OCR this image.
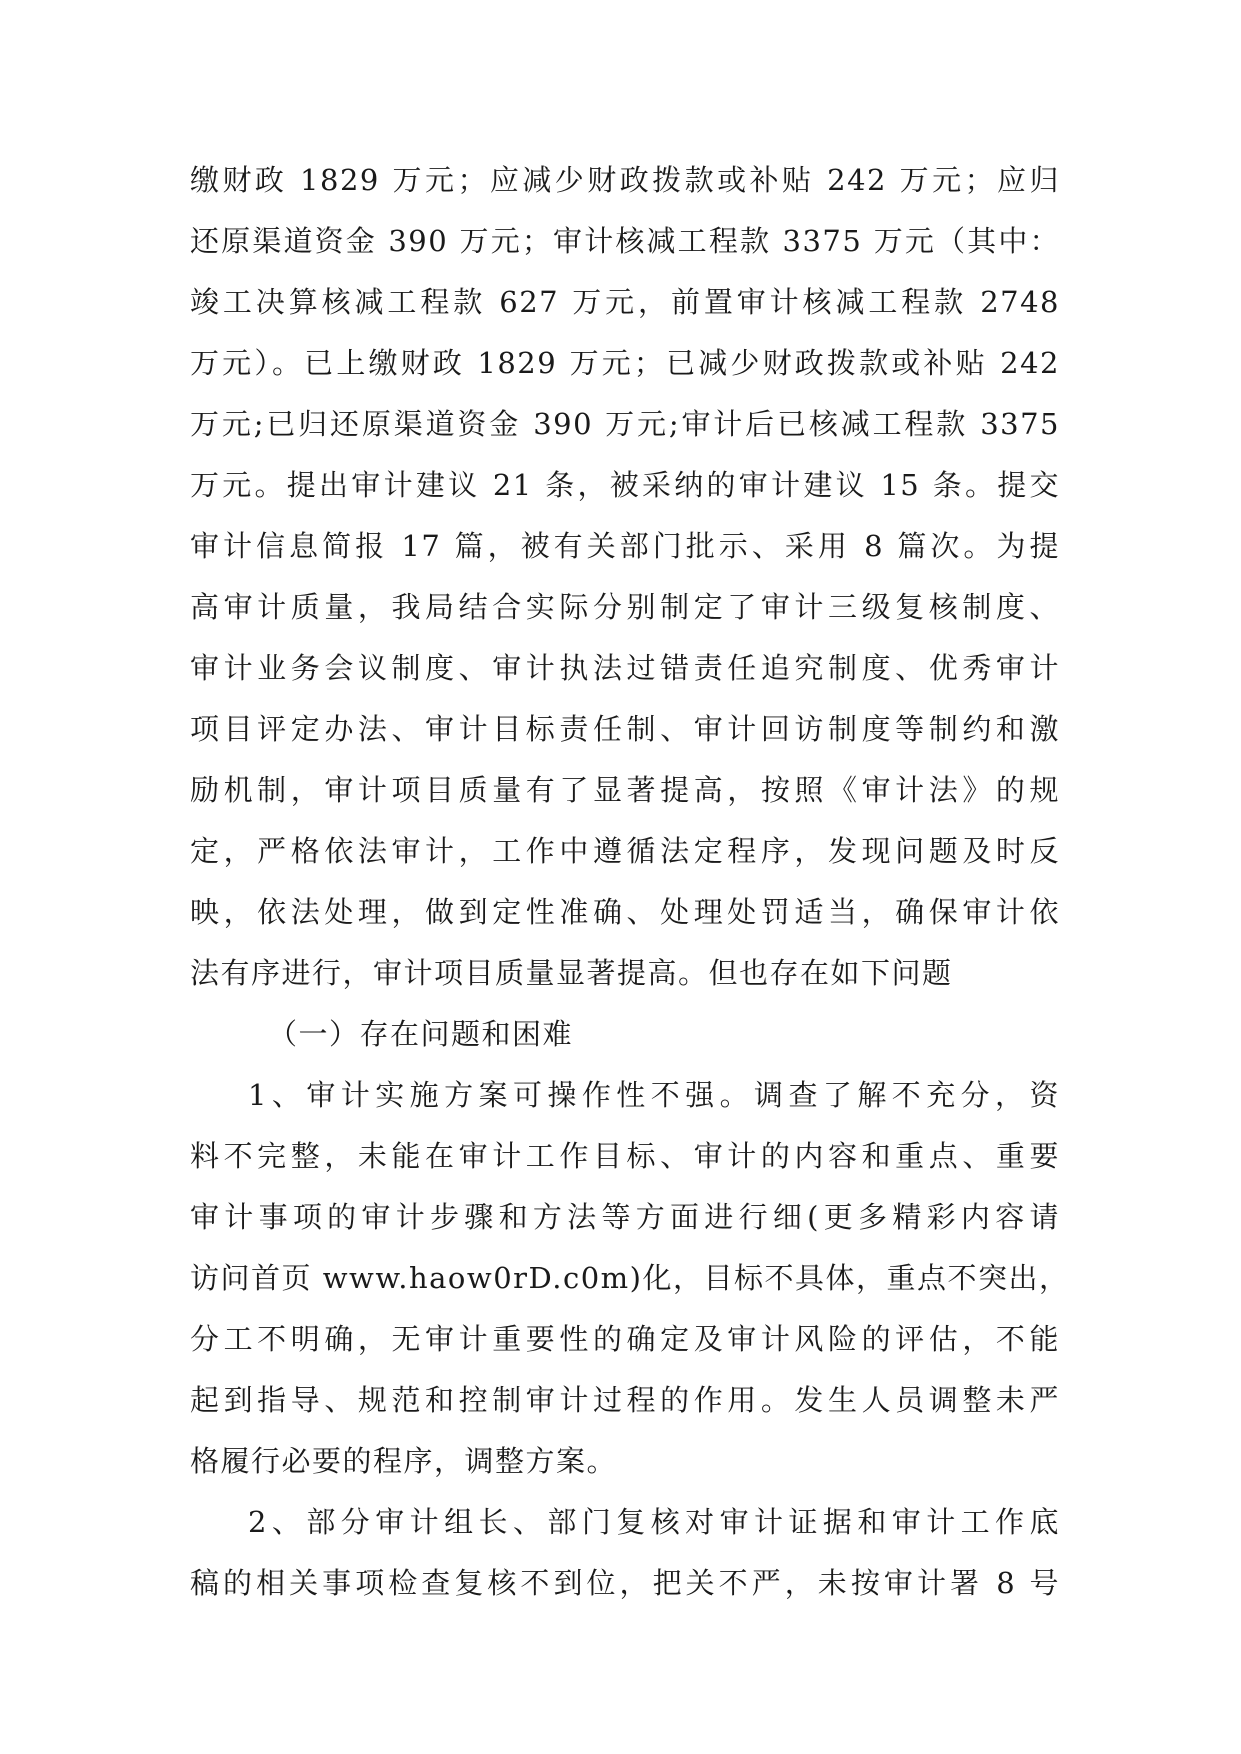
缴财政 1829 万元；应减少财政拨款或补贴 242 万元；应归
还原渠道资金 390 万元；审计核减工程款 3375 万元（其中：
竣工决算核减工程款 627 万元，前置审计核减工程款 2748
万元）。已上缴财政 1829 万元；已减少财政拨款或补贴 242
万元;已归还原渠道资金 390 万元;审计后已核减工程款 3375
万元。提出审计建议 21 条，被采纳的审计建议 15 条。提交
审计信息简报 17 篇，被有关部门批示、采用 8 篇次。为提
高审计质量，我局结合实际分别制定了审计三级复核制度、
审计业务会议制度、审计执法过错责任追究制度、优秀审计
项目评定办法、审计目标责任制、审计回访制度等制约和激
励机制，审计项目质量有了显著提高，按照《审计法》的规
定，严格依法审计，工作中遵循法定程序，发现问题及时反
映，依法处理，做到定性准确、处理处罚适当，确保审计依
法有序进行，审计项目质量显著提高。但也存在如下问题
（一）存在问题和困难
1、审计实施方案可操作性不强。调查了解不充分，资
料不完整，未能在审计工作目标、审计的内容和重点、重要
审计事项的审计步骤和方法等方面进行细(更多精彩内容请
访问首页 www.haow0rD.c0m)化，目标不具体，重点不突出，
分工不明确，无审计重要性的确定及审计风险的评估，不能
起到指导、规范和控制审计过程的作用。发生人员调整未严
格履行必要的程序，调整方案。
2、部分审计组长、部门复核对审计证据和审计工作底
稿的相关事项检查复核不到位，把关不严，未按审计署 8 号
